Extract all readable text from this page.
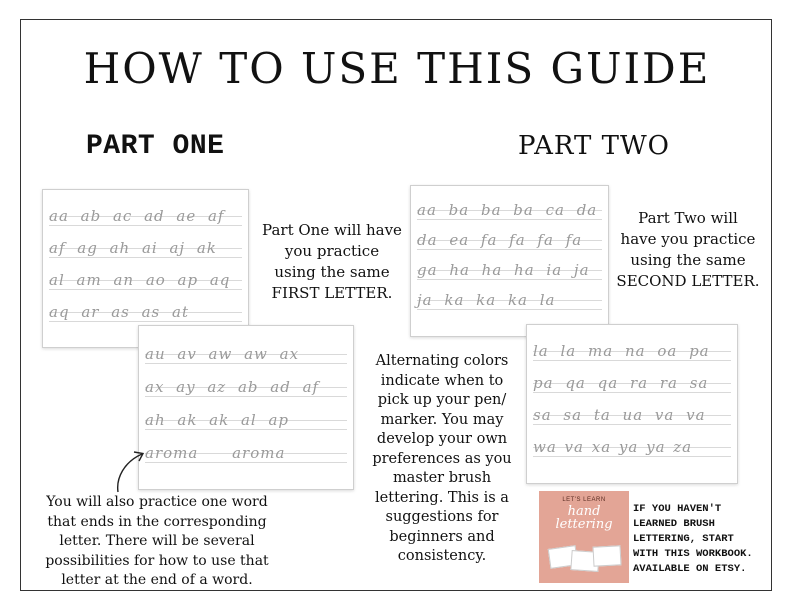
HOW TO USE THIS GUIDE
PART ONE	PART TWO
aa ab ac ad ae af
af ag ah ai aj ak
al am an ao ap aq
aq ar as as at
Part One will have
you practice
using the same
FIRST LETTER.
au av aw aw ax
ax ay az ab ad af
ah ak ak al ap
aroma aroma
You will also practice one word
that ends in the corresponding
letter. There will be several
possibilities for how to use that
letter at the end of a word.
aa ba ba ba ca da
da ea fa fa fa fa
ga ha ha ha ia ja
ja ka ka ka la
Part Two will
have you practice
using the same
SECOND LETTER.
Alternating colors
indicate when to
pick up your pen/
marker. You may
develop your own
preferences as you
master brush
lettering. This is a
suggestions for
beginners and
consistency.
la la ma na oa pa
pa qa qa ra ra sa
sa sa ta ua va va
wa va xa ya ya za
LET'S LEARN
hand
lettering
IF YOU HAVEN'T
LEARNED BRUSH
LETTERING, START
WITH THIS WORKBOOK.
AVAILABLE ON ETSY.
